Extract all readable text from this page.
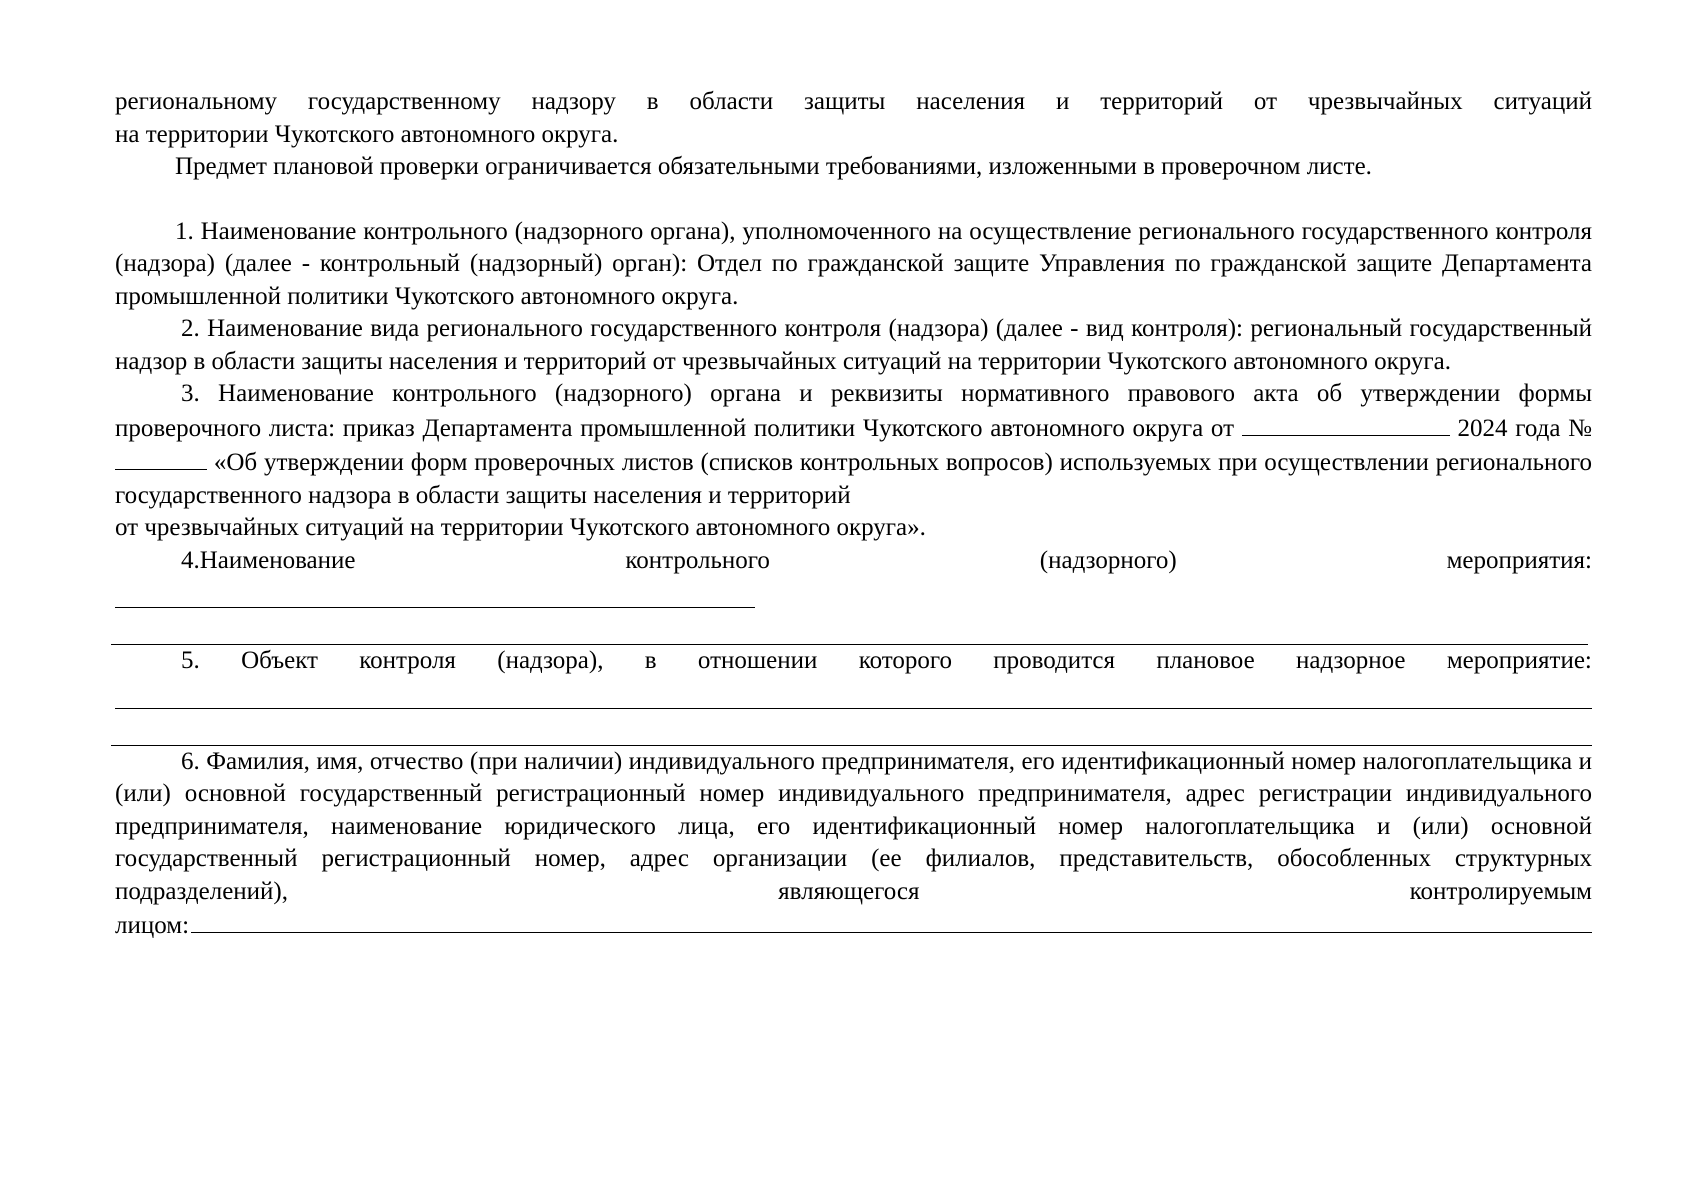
региональному государственному надзору в области защиты населения и территорий от чрезвычайных ситуаций

на территории Чукотского автономного округа.

Предмет плановой проверки ограничивается обязательными требованиями, изложенными в проверочном листе.

1. Наименование контрольного (надзорного органа), уполномоченного на осуществление регионального государственного контроля (надзора) (далее - контрольный (надзорный) орган): Отдел по гражданской защите Управления по гражданской защите Департамента промышленной политики Чукотского автономного округа.

2. Наименование вида регионального государственного контроля (надзора) (далее - вид контроля): региональный государственный надзор в области защиты населения и территорий от чрезвычайных ситуаций на территории Чукотского автономного округа.

3. Наименование контрольного (надзорного) органа и реквизиты нормативного правового акта об утверждении формы проверочного листа: приказ Департамента промышленной политики Чукотского автономного округа от	2024 года №  «Об утверждении форм проверочных листов (списков контрольных вопросов) используемых при осуществлении регионального государственного надзора в области защиты населения и территорий

от чрезвычайных ситуаций на территории Чукотского автономного округа».

4.Наименование	контрольного	(надзорного)	мероприятия:
5. Объект контроля (надзора), в отношении которого проводится плановое надзорное мероприятие:

6. Фамилия, имя, отчество (при наличии) индивидуального предпринимателя, его идентификационный номер налогоплательщика и (или) основной государственный регистрационный номер индивидуального предпринимателя, адрес регистрации индивидуального предпринимателя, наименование юридического лица, его идентификационный номер налогоплательщика и (или) основной государственный регистрационный номер, адрес организации (ее филиалов, представительств, обособленных структурных подразделений), являющегося контролируемым

лицом:
